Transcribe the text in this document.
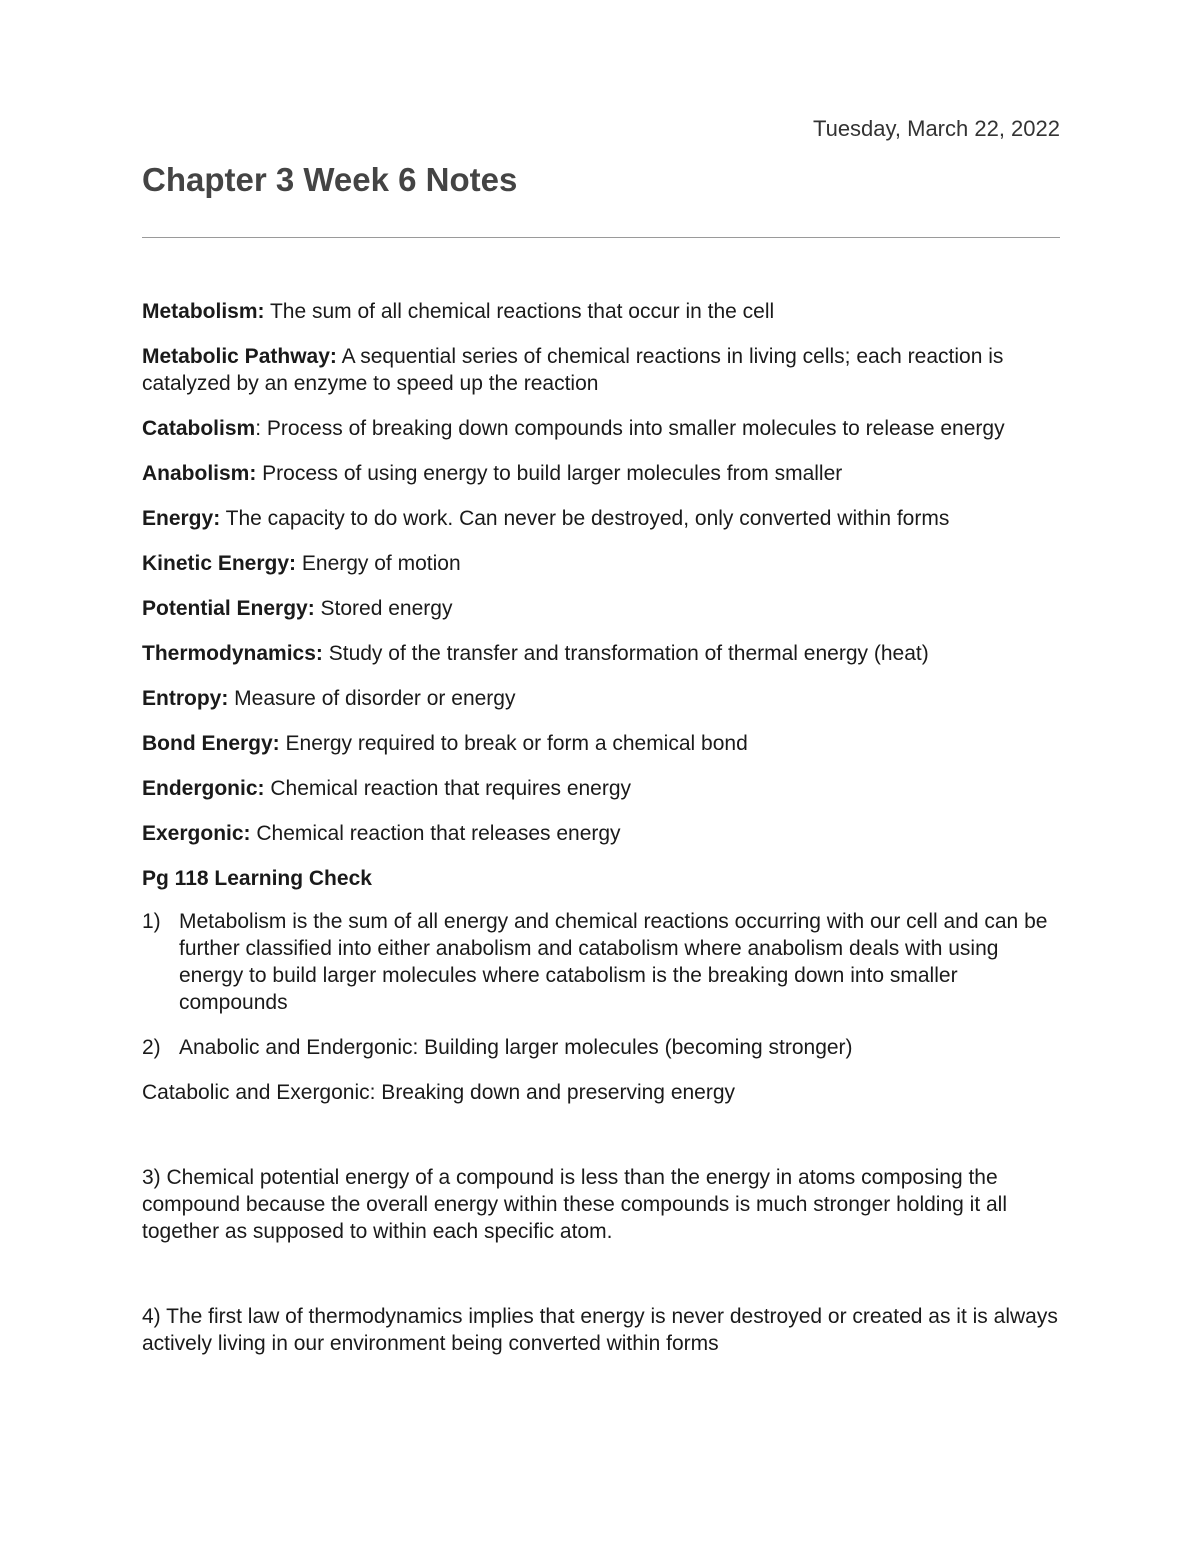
Tuesday, March 22, 2022
Chapter 3 Week 6 Notes

Metabolism: The sum of all chemical reactions that occur in the cell

Metabolic Pathway: A sequential series of chemical reactions in living cells; each reaction is catalyzed by an enzyme to speed up the reaction

Catabolism: Process of breaking down compounds into smaller molecules to release energy

Anabolism: Process of using energy to build larger molecules from smaller

Energy: The capacity to do work. Can never be destroyed, only converted within forms

Kinetic Energy: Energy of motion

Potential Energy: Stored energy

Thermodynamics: Study of the transfer and transformation of thermal energy (heat)

Entropy: Measure of disorder or energy

Bond Energy: Energy required to break or form a chemical bond

Endergonic: Chemical reaction that requires energy

Exergonic: Chemical reaction that releases energy

Pg 118 Learning Check

1) Metabolism is the sum of all energy and chemical reactions occurring with our cell and can be further classified into either anabolism and catabolism where anabolism deals with using energy to build larger molecules where catabolism is the breaking down into smaller compounds
2) Anabolic and Endergonic: Building larger molecules (becoming stronger)

Catabolic and Exergonic: Breaking down and preserving energy

3) Chemical potential energy of a compound is less than the energy in atoms composing the compound because the overall energy within these compounds is much stronger holding it all together as supposed to within each specific atom.

4) The first law of thermodynamics implies that energy is never destroyed or created as it is always actively living in our environment being converted within forms
